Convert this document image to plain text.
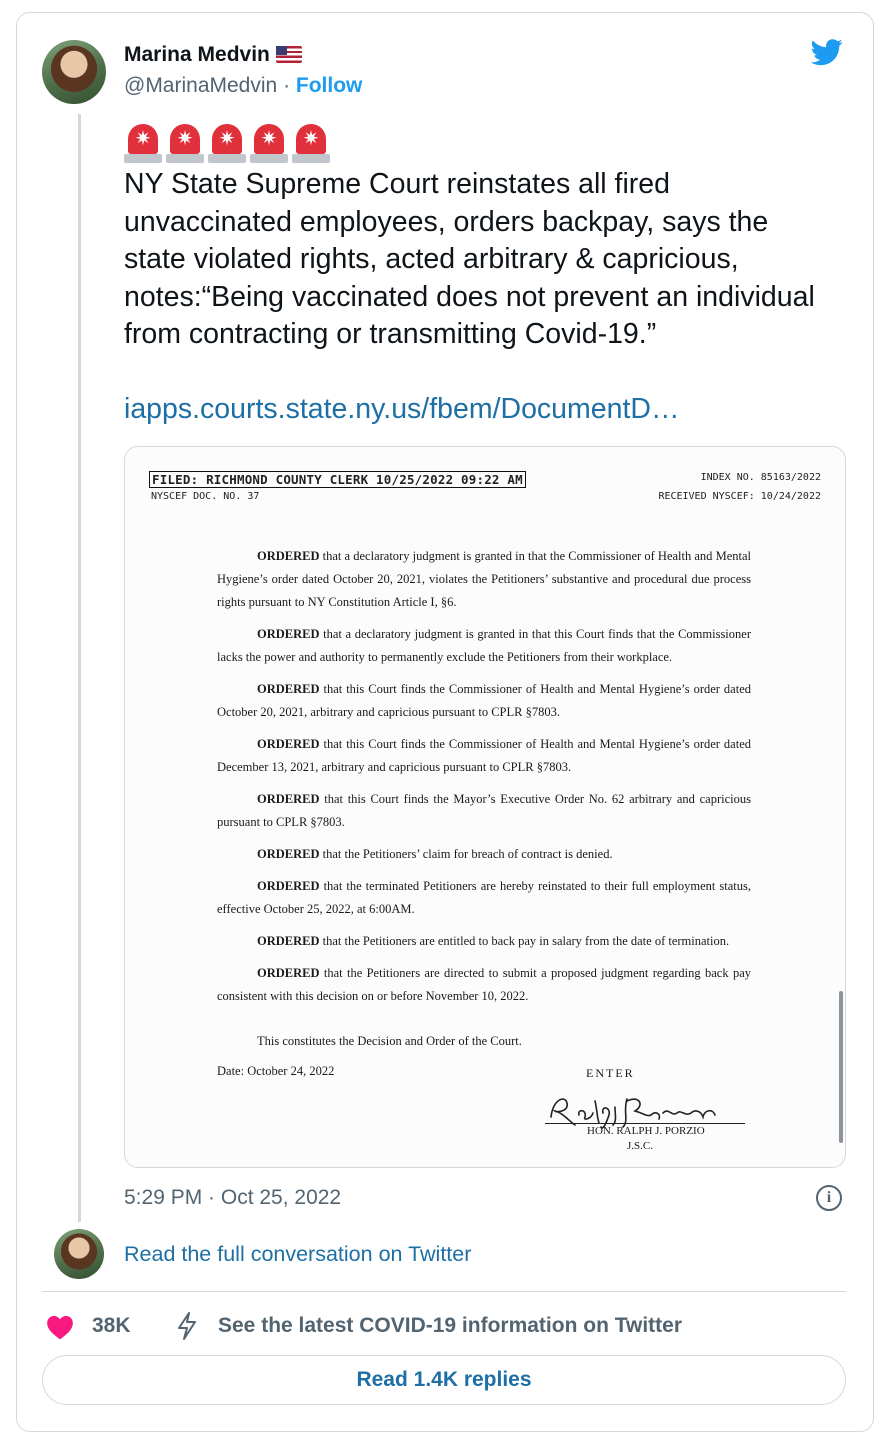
Marina Medvin
@MarinaMedvin · Follow
✷	✷	✷	✷	✷
NY State Supreme Court reinstates all fired unvaccinated employees, orders backpay, says the state violated rights, acted arbitrary & capricious, notes:“Being vaccinated does not prevent an individual from contracting or transmitting Covid-19.”
iapps.courts.state.ny.us/fbem/DocumentD…
FILED: RICHMOND COUNTY CLERK 10/25/2022 09:22 AM	INDEX NO. 85163/2022
NYSCEF DOC. NO. 37	RECEIVED NYSCEF: 10/24/2022

ORDERED that a declaratory judgment is granted in that the Commissioner of Health and Mental Hygiene’s order dated October 20, 2021, violates the Petitioners’ substantive and procedural due process rights pursuant to NY Constitution Article I, §6.

ORDERED that a declaratory judgment is granted in that this Court finds that the Commissioner lacks the power and authority to permanently exclude the Petitioners from their workplace.

ORDERED that this Court finds the Commissioner of Health and Mental Hygiene’s order dated October 20, 2021, arbitrary and capricious pursuant to CPLR §7803.

ORDERED that this Court finds the Commissioner of Health and Mental Hygiene’s order dated December 13, 2021, arbitrary and capricious pursuant to CPLR §7803.

ORDERED that this Court finds the Mayor’s Executive Order No. 62 arbitrary and capricious pursuant to CPLR §7803.

ORDERED that the Petitioners’ claim for breach of contract is denied.

ORDERED that the terminated Petitioners are hereby reinstated to their full employment status, effective October 25, 2022, at 6:00AM.

ORDERED that the Petitioners are entitled to back pay in salary from the date of termination.

ORDERED that the Petitioners are directed to submit a proposed judgment regarding back pay consistent with this decision on or before November 10, 2022.

This constitutes the Decision and Order of the Court.

Date: October 24, 2022	ENTER
HON. RALPH J. PORZIO
J.S.C.
5:29 PM · Oct 25, 2022	i
Read the full conversation on Twitter
38K	See the latest COVID-19 information on Twitter
Read 1.4K replies
